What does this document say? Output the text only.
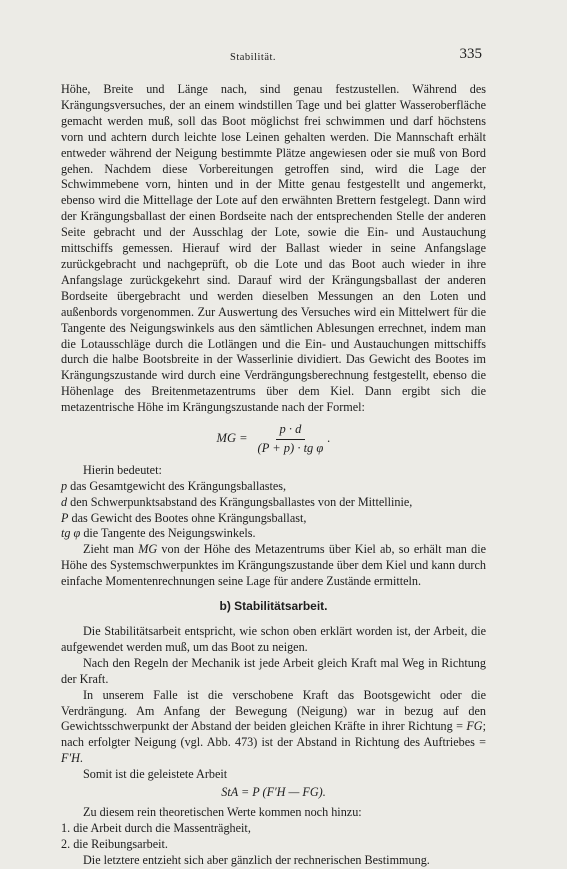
Stabilität.	335

Höhe, Breite und Länge nach, sind genau festzustellen. Während des Krängungsversuches, der an einem windstillen Tage und bei glatter Wasseroberfläche gemacht werden muß, soll das Boot möglichst frei schwimmen und darf höchstens vorn und achtern durch leichte lose Leinen gehalten werden. Die Mannschaft erhält entweder während der Neigung bestimmte Plätze angewiesen oder sie muß von Bord gehen. Nachdem diese Vorbereitungen getroffen sind, wird die Lage der Schwimmebene vorn, hinten und in der Mitte genau festgestellt und angemerkt, ebenso wird die Mittellage der Lote auf den erwähnten Brettern festgelegt. Dann wird der Krängungsballast der einen Bordseite nach der entsprechenden Stelle der anderen Seite gebracht und der Ausschlag der Lote, sowie die Ein- und Austauchung mittschiffs gemessen. Hierauf wird der Ballast wieder in seine Anfangslage zurückgebracht und nachgeprüft, ob die Lote und das Boot auch wieder in ihre Anfangslage zurückgekehrt sind. Darauf wird der Krängungsballast der anderen Bordseite übergebracht und werden dieselben Messungen an den Loten und außenbords vorgenommen. Zur Auswertung des Versuches wird ein Mittelwert für die Tangente des Neigungswinkels aus den sämtlichen Ablesungen errechnet, indem man die Lotausschläge durch die Lotlängen und die Ein- und Austauchungen mittschiffs durch die halbe Bootsbreite in der Wasserlinie dividiert. Das Gewicht des Bootes im Krängungszustande wird durch eine Verdrängungsberechnung festgestellt, ebenso die Höhenlage des Breitenmetazentrums über dem Kiel. Dann ergibt sich die metazentrische Höhe im Krängungszustande nach der Formel:

MG = $\frac{p \cdot d}{\text{(P + p) · tg φ}}$ .

Hierin bedeutet:

p das Gesamtgewicht des Krängungsballastes,

d den Schwerpunktsabstand des Krängungsballastes von der Mittellinie,

P das Gewicht des Bootes ohne Krängungsballast,

tg φ die Tangente des Neigungswinkels.

Zieht man MG von der Höhe des Metazentrums über Kiel ab, so erhält man die Höhe des Systemschwerpunktes im Krängungszustande über dem Kiel und kann durch einfache Momentenrechnungen seine Lage für andere Zustände ermitteln.

b) Stabilitätsarbeit.

Die Stabilitätsarbeit entspricht, wie schon oben erklärt worden ist, der Arbeit, die aufgewendet werden muß, um das Boot zu neigen.

Nach den Regeln der Mechanik ist jede Arbeit gleich Kraft mal Weg in Richtung der Kraft.

In unserem Falle ist die verschobene Kraft das Bootsgewicht oder die Verdrängung. Am Anfang der Bewegung (Neigung) war in bezug auf den Gewichtsschwerpunkt der Abstand der beiden gleichen Kräfte in ihrer Richtung = FG; nach erfolgter Neigung (vgl. Abb. 473) ist der Abstand in Richtung des Auftriebes = F′H.

Somit ist die geleistete Arbeit

StA = P (F′H — FG).

Zu diesem rein theoretischen Werte kommen noch hinzu:

1. die Arbeit durch die Massenträgheit,

2. die Reibungsarbeit.

Die letztere entzieht sich aber gänzlich der rechnerischen Bestimmung.
